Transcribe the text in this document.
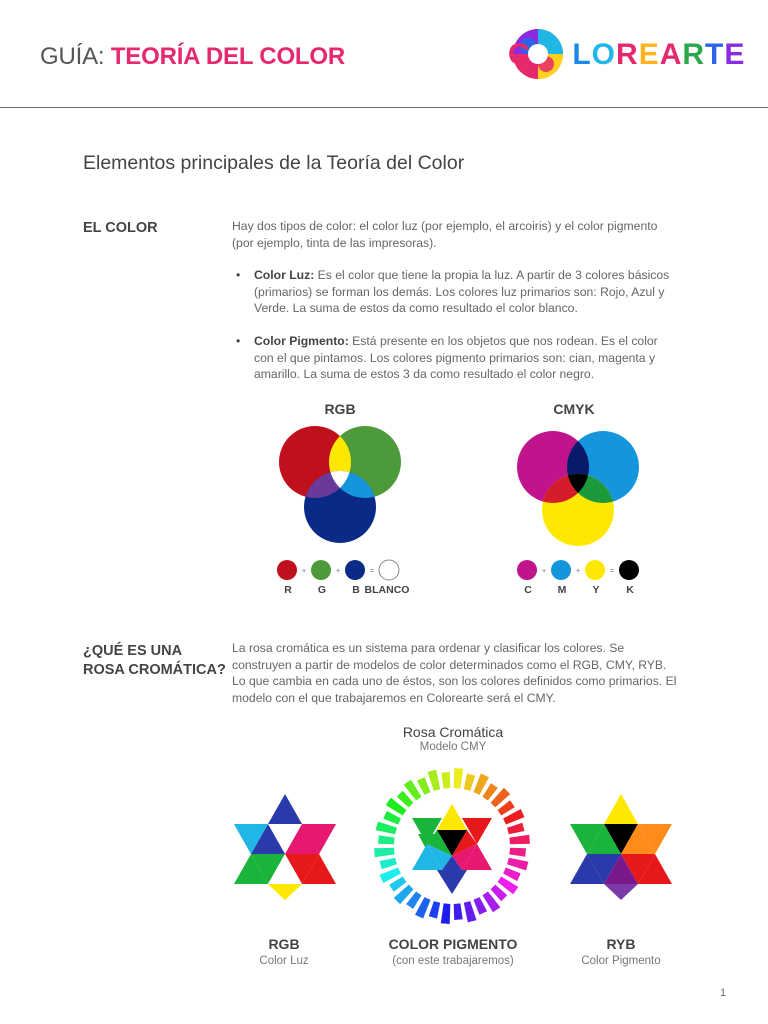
GUÍA: TEORÍA DEL COLOR	C LOREARTE
Elementos principales de la Teoría del Color
EL COLOR	Hay dos tipos de color: el color luz (por ejemplo, el arcoiris) y el color pigmento (por ejemplo, tinta de las impresoras).
• Color Luz: Es el color que tiene la propia la luz. A partir de 3 colores básicos (primarios) se forman los demás. Los colores luz primarios son: Rojo, Azul y Verde. La suma de estos da como resultado el color blanco.
• Color Pigmento: Está presente en los objetos que nos rodean. Es el color con el que pintamos. Los colores pigmento primarios son: cian, magenta y amarillo. La suma de estos 3 da como resultado el color negro.
RGB
+	+	=
R	G	B BLANCO
CMYK
+	+	=
C	M	Y	K
¿QUÉ ES UNA
ROSA CROMÁTICA?
La rosa cromática es un sistema para ordenar y clasificar los colores. Se construyen a partir de modelos de color determinados como el RGB, CMY, RYB. Lo que cambia en cada uno de éstos, son los colores definidos como primarios. El modelo con el que trabajaremos en Colorearte será el CMY.
Rosa Cromática
Modelo CMY
RGB
Color Luz
COLOR PIGMENTO
(con este trabajaremos)
RYB
Color Pigmento
1
